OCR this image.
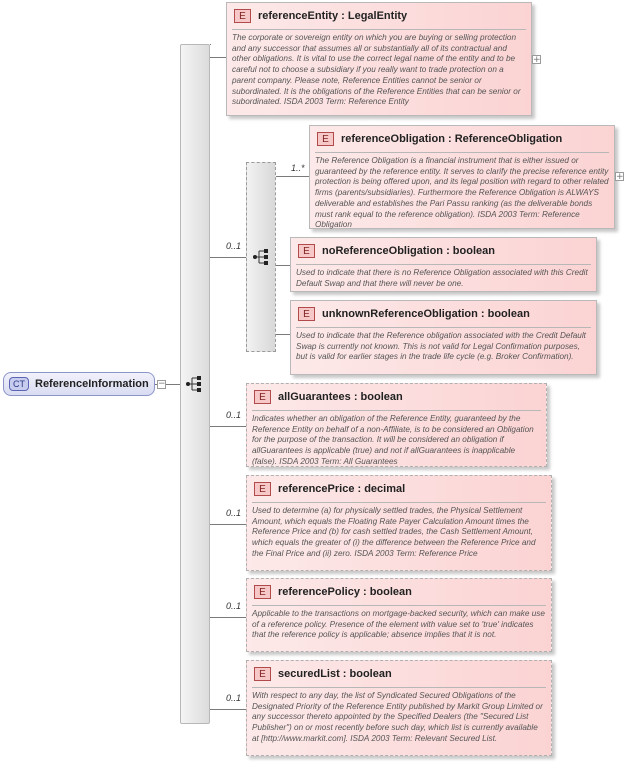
0..1
CT ReferenceInformation −
E	referenceEntity : LegalEntity
The corporate or sovereign entity on which you are buying or selling protection and any successor that assumes all or substantially all of its contractual and other obligations. It is vital to use the correct legal name of the entity and to be careful not to choose a subsidiary if you really want to trade protection on a parent company. Please note, Reference Entities cannot be senior or subordinated. It is the obligations of the Reference Entities that can be senior or subordinated. ISDA 2003 Term: Reference Entity
+
1..*
E	referenceObligation : ReferenceObligation
The Reference Obligation is a financial instrument that is either issued or guaranteed by the reference entity. It serves to clarify the precise reference entity protection is being offered upon, and its legal position with regard to other related firms (parents/subsidiaries). Furthermore the Reference Obligation is ALWAYS deliverable and establishes the Pari Passu ranking (as the deliverable bonds must rank equal to the reference obligation). ISDA 2003 Term: Reference Obligation
+
E	noReferenceObligation : boolean
Used to indicate that there is no Reference Obligation associated with this Credit Default Swap and that there will never be one.
E	unknownReferenceObligation : boolean
Used to indicate that the Reference obligation associated with the Credit Default Swap is currently not known. This is not valid for Legal Confirmation purposes, but is valid for earlier stages in the trade life cycle (e.g. Broker Confirmation).
0..1
E	allGuarantees : boolean
Indicates whether an obligation of the Reference Entity, guaranteed by the Reference Entity on behalf of a non-Affiliate, is to be considered an Obligation for the purpose of the transaction. It will be considered an obligation if allGuarantees is applicable (true) and not if allGuarantees is inapplicable (false). ISDA 2003 Term: All Guarantees
0..1
E	referencePrice : decimal
Used to determine (a) for physically settled trades, the Physical Settlement Amount, which equals the Floating Rate Payer Calculation Amount times the Reference Price and (b) for cash settled trades, the Cash Settlement Amount, which equals the greater of (i) the difference between the Reference Price and the Final Price and (ii) zero. ISDA 2003 Term: Reference Price
0..1
E	referencePolicy : boolean
Applicable to the transactions on mortgage-backed security, which can make use of a reference policy. Presence of the element with value set to 'true' indicates that the reference policy is applicable; absence implies that it is not.
0..1
E	securedList : boolean
With respect to any day, the list of Syndicated Secured Obligations of the Designated Priority of the Reference Entity published by Markit Group Limited or any successor thereto appointed by the Specified Dealers (the "Secured List Publisher") on or most recently before such day, which list is currently available at [http://www.markit.com]. ISDA 2003 Term: Relevant Secured List.
